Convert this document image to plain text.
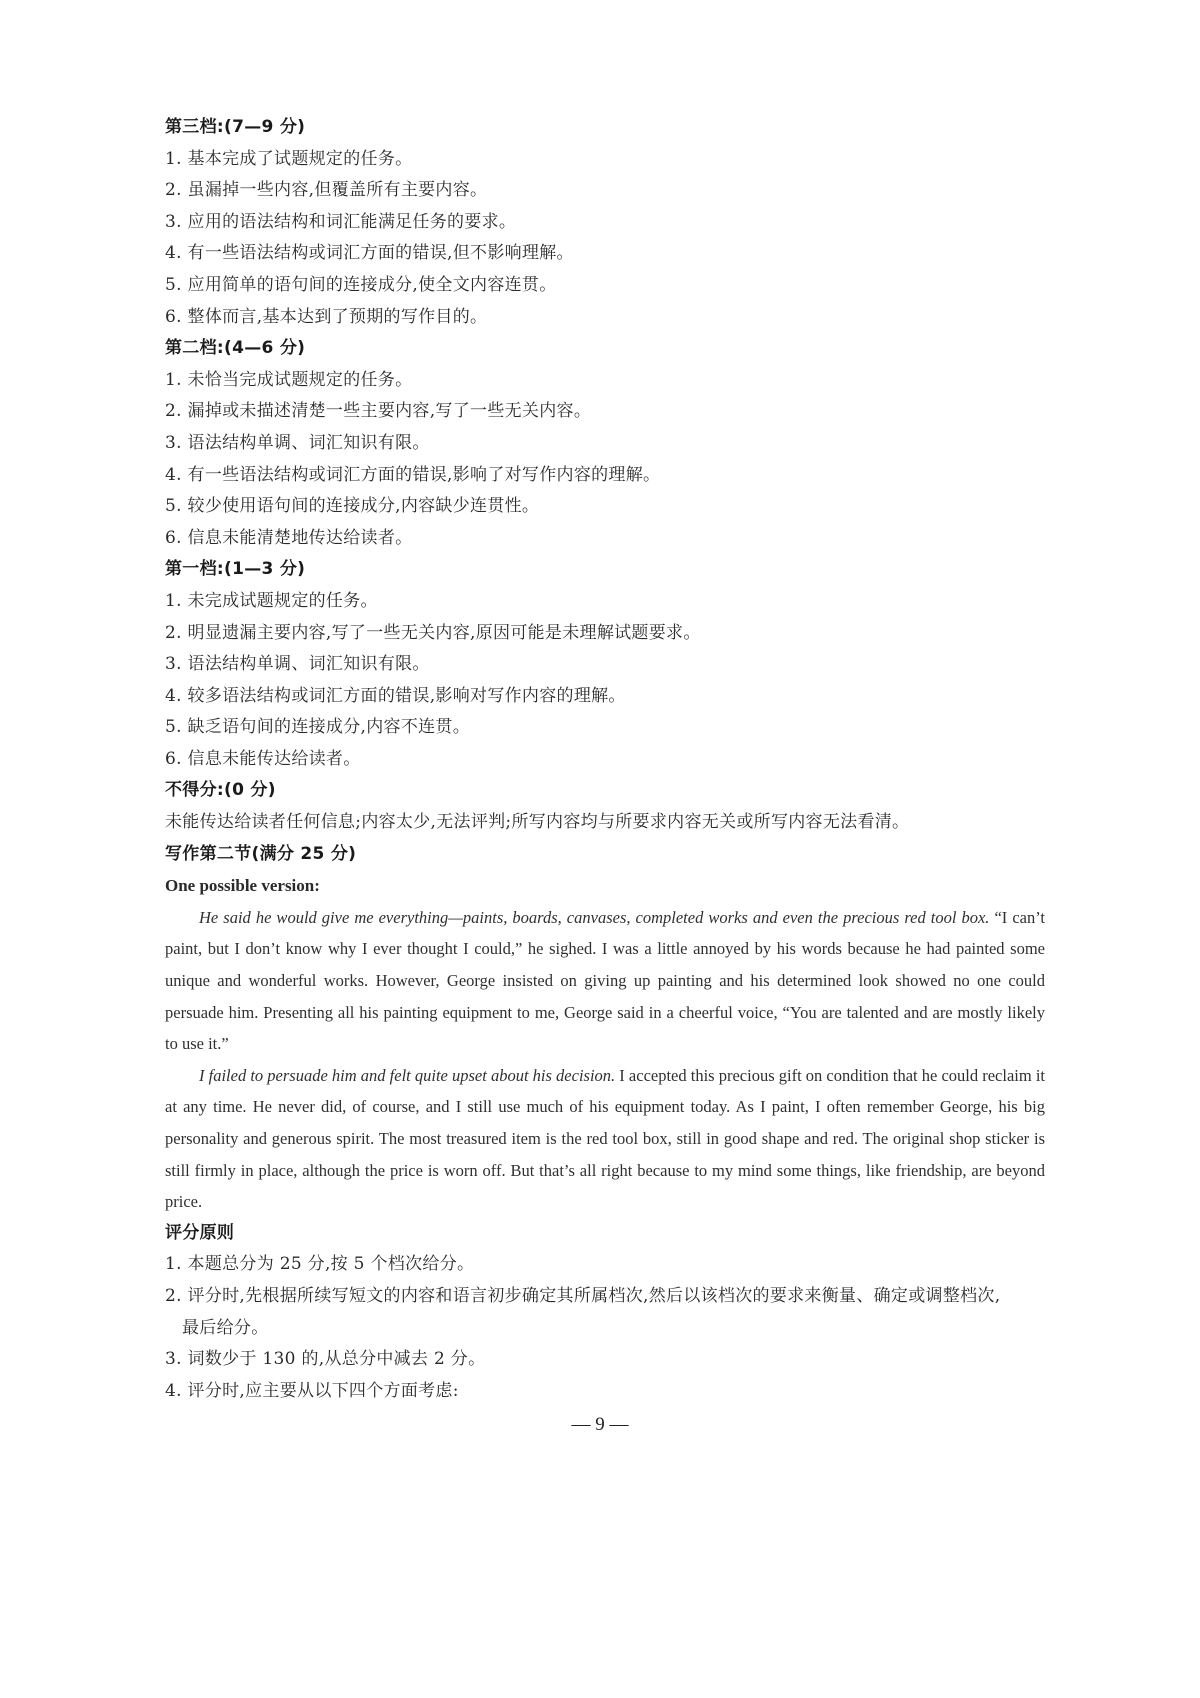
第三档:(7—9 分)
1. 基本完成了试题规定的任务。
2. 虽漏掉一些内容,但覆盖所有主要内容。
3. 应用的语法结构和词汇能满足任务的要求。
4. 有一些语法结构或词汇方面的错误,但不影响理解。
5. 应用简单的语句间的连接成分,使全文内容连贯。
6. 整体而言,基本达到了预期的写作目的。
第二档:(4—6 分)
1. 未恰当完成试题规定的任务。
2. 漏掉或未描述清楚一些主要内容,写了一些无关内容。
3. 语法结构单调、词汇知识有限。
4. 有一些语法结构或词汇方面的错误,影响了对写作内容的理解。
5. 较少使用语句间的连接成分,内容缺少连贯性。
6. 信息未能清楚地传达给读者。
第一档:(1—3 分)
1. 未完成试题规定的任务。
2. 明显遗漏主要内容,写了一些无关内容,原因可能是未理解试题要求。
3. 语法结构单调、词汇知识有限。
4. 较多语法结构或词汇方面的错误,影响对写作内容的理解。
5. 缺乏语句间的连接成分,内容不连贯。
6. 信息未能传达给读者。
不得分:(0 分)
未能传达给读者任何信息;内容太少,无法评判;所写内容均与所要求内容无关或所写内容无法看清。
写作第二节(满分 25 分)
One possible version:

He said he would give me everything—paints, boards, canvases, completed works and even the precious red tool box. “I can’t paint, but I don’t know why I ever thought I could,” he sighed. I was a little annoyed by his words because he had painted some unique and wonderful works. However, George insisted on giving up painting and his determined look showed no one could persuade him. Presenting all his painting equipment to me, George said in a cheerful voice, “You are talented and are mostly likely to use it.”

I failed to persuade him and felt quite upset about his decision. I accepted this precious gift on condition that he could reclaim it at any time. He never did, of course, and I still use much of his equipment today. As I paint, I often remember George, his big personality and generous spirit. The most treasured item is the red tool box, still in good shape and red. The original shop sticker is still firmly in place, although the price is worn off. But that’s all right because to my mind some things, like friendship, are beyond price.

评分原则
1. 本题总分为 25 分,按 5 个档次给分。
2. 评分时,先根据所续写短文的内容和语言初步确定其所属档次,然后以该档次的要求来衡量、确定或调整档次,
最后给分。
3. 词数少于 130 的,从总分中减去 2 分。
4. 评分时,应主要从以下四个方面考虑:
— 9 —
